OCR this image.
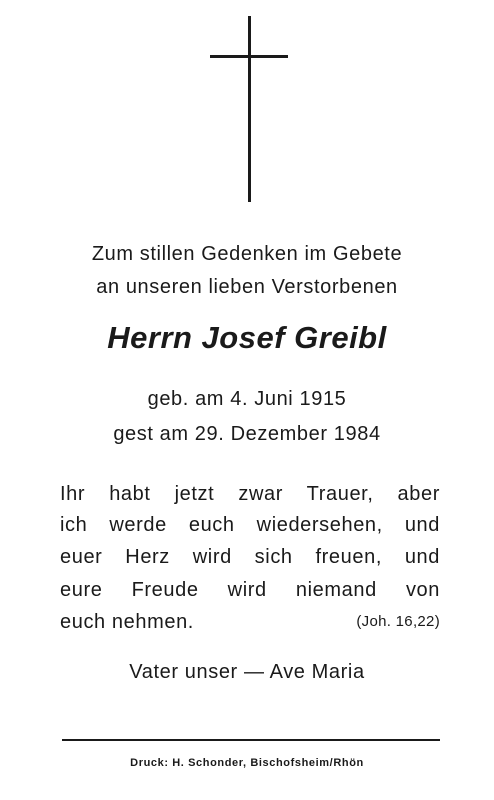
Zum stillen Gedenken im Gebete
an unseren lieben Verstorbenen
Herrn Josef Greibl
geb. am 4. Juni 1915
gest am 29. Dezember 1984
Ihr habt jetzt zwar Trauer, aber
ich werde euch wiedersehen, und
euer Herz wird sich freuen, und
eure Freude wird niemand von
euch nehmen.	(Joh. 16,22)
Vater unser — Ave Maria
Druck: H. Schonder, Bischofsheim/Rhön
